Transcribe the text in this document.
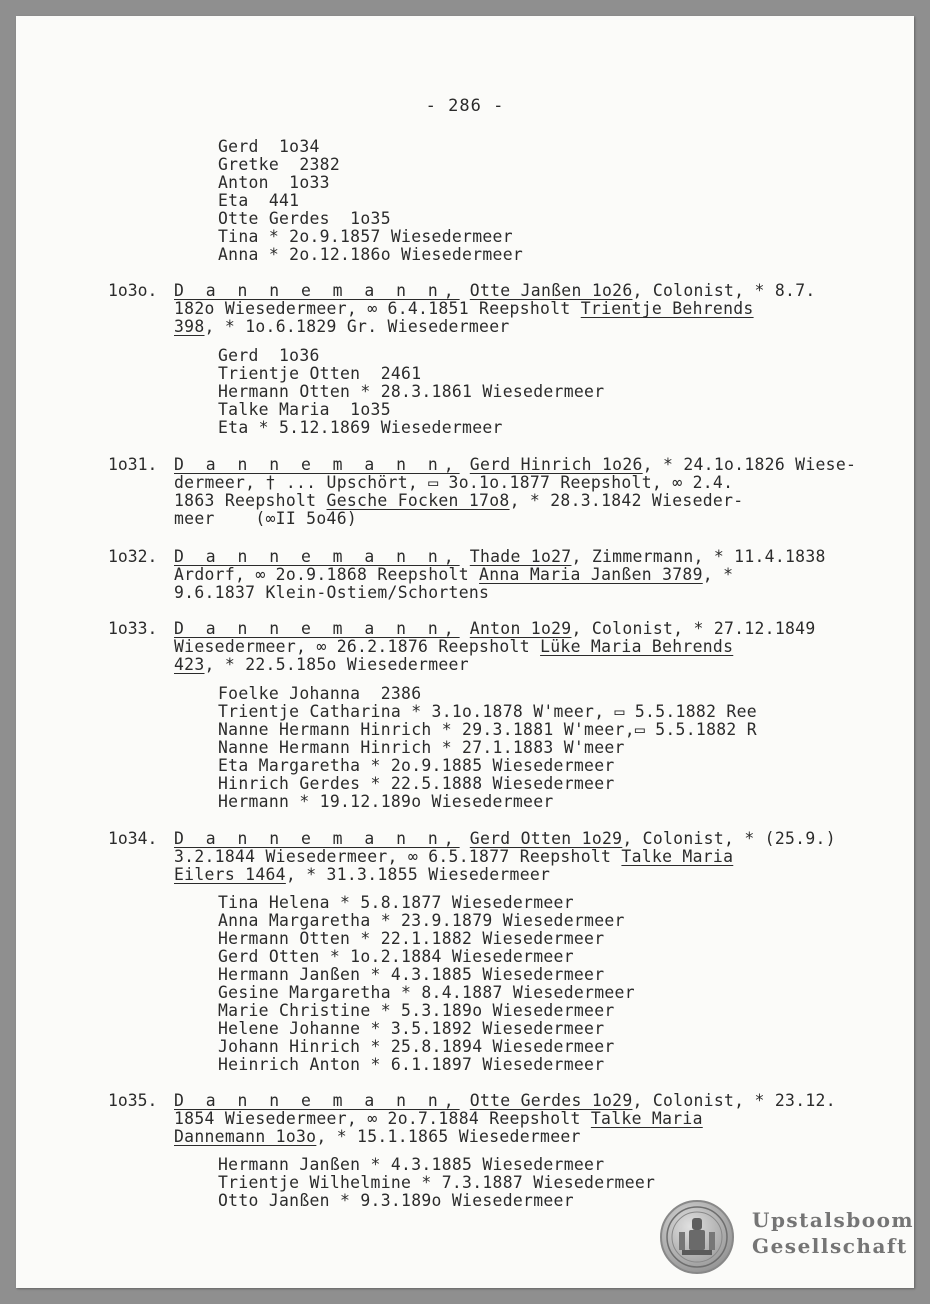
- 286 -
Gerd  1o34
Gretke  2382
Anton  1o33
Eta  441
Otte Gerdes  1o35
Tina * 2o.9.1857 Wiesedermeer
Anna * 2o.12.186o Wiesedermeer
1o3o. D a n n e m a n n, Otte Janßen 1o26, Colonist, * 8.7.
182o Wiesedermeer, ∞ 6.4.1851 Reepsholt Trientje Behrends
398, * 1o.6.1829 Gr. Wiesedermeer
Gerd  1o36
Trientje Otten  2461
Hermann Otten * 28.3.1861 Wiesedermeer
Talke Maria  1o35
Eta * 5.12.1869 Wiesedermeer
1o31. D a n n e m a n n, Gerd Hinrich 1o26, * 24.1o.1826 Wiese-
dermeer, † ... Upschört, ▭ 3o.1o.1877 Reepsholt, ∞ 2.4.
1863 Reepsholt Gesche Focken 17o8, * 28.3.1842 Wieseder-
meer    (∞II 5o46)
1o32. D a n n e m a n n, Thade 1o27, Zimmermann, * 11.4.1838
Ardorf, ∞ 2o.9.1868 Reepsholt Anna Maria Janßen 3789, *
9.6.1837 Klein-Ostiem/Schortens
1o33. D a n n e m a n n, Anton 1o29, Colonist, * 27.12.1849
Wiesedermeer, ∞ 26.2.1876 Reepsholt Lüke Maria Behrends
423, * 22.5.185o Wiesedermeer
Foelke Johanna  2386
Trientje Catharina * 3.1o.1878 W'meer, ▭ 5.5.1882 Ree
Nanne Hermann Hinrich * 29.3.1881 W'meer,▭ 5.5.1882 R
Nanne Hermann Hinrich * 27.1.1883 W'meer
Eta Margaretha * 2o.9.1885 Wiesedermeer
Hinrich Gerdes * 22.5.1888 Wiesedermeer
Hermann * 19.12.189o Wiesedermeer
1o34. D a n n e m a n n, Gerd Otten 1o29, Colonist, * (25.9.)
3.2.1844 Wiesedermeer, ∞ 6.5.1877 Reepsholt Talke Maria
Eilers 1464, * 31.3.1855 Wiesedermeer
Tina Helena * 5.8.1877 Wiesedermeer
Anna Margaretha * 23.9.1879 Wiesedermeer
Hermann Otten * 22.1.1882 Wiesedermeer
Gerd Otten * 1o.2.1884 Wiesedermeer
Hermann Janßen * 4.3.1885 Wiesedermeer
Gesine Margaretha * 8.4.1887 Wiesedermeer
Marie Christine * 5.3.189o Wiesedermeer
Helene Johanne * 3.5.1892 Wiesedermeer
Johann Hinrich * 25.8.1894 Wiesedermeer
Heinrich Anton * 6.1.1897 Wiesedermeer
1o35. D a n n e m a n n, Otte Gerdes 1o29, Colonist, * 23.12.
1854 Wiesedermeer, ∞ 2o.7.1884 Reepsholt Talke Maria
Dannemann 1o3o, * 15.1.1865 Wiesedermeer
Hermann Janßen * 4.3.1885 Wiesedermeer
Trientje Wilhelmine * 7.3.1887 Wiesedermeer
Otto Janßen * 9.3.189o Wiesedermeer
Upstalsboom
Gesellschaft
